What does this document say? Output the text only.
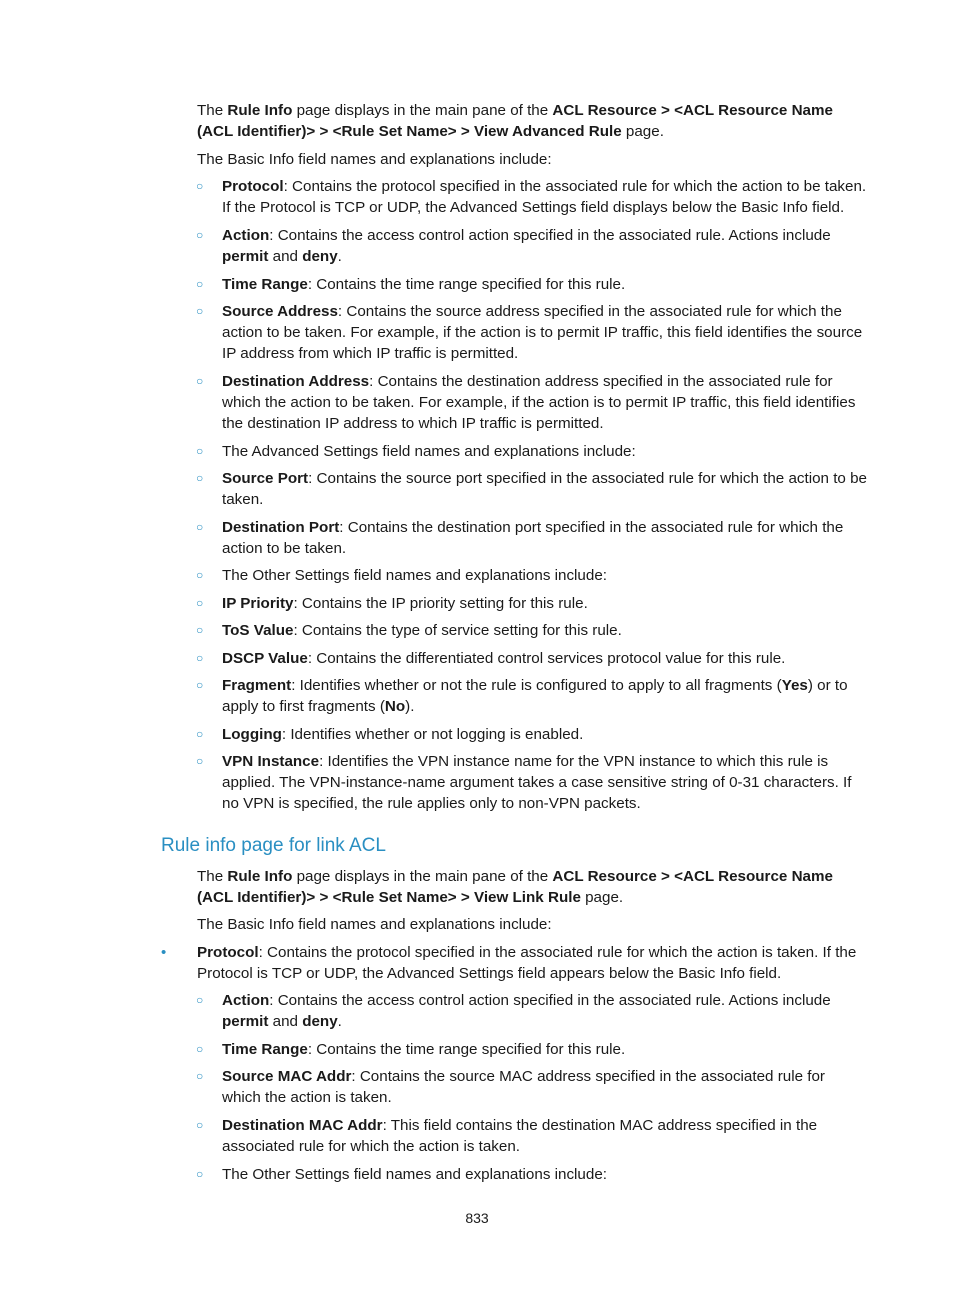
The Rule Info page displays in the main pane of the ACL Resource > <ACL Resource Name (ACL Identifier)> > <Rule Set Name> > View Advanced Rule page.

The Basic Info field names and explanations include:

○ Protocol: Contains the protocol specified in the associated rule for which the action to be taken. If the Protocol is TCP or UDP, the Advanced Settings field displays below the Basic Info field.

○ Action: Contains the access control action specified in the associated rule. Actions include permit and deny.

○ Time Range: Contains the time range specified for this rule.

○ Source Address: Contains the source address specified in the associated rule for which the action to be taken. For example, if the action is to permit IP traffic, this field identifies the source IP address from which IP traffic is permitted.

○ Destination Address: Contains the destination address specified in the associated rule for which the action to be taken. For example, if the action is to permit IP traffic, this field identifies the destination IP address to which IP traffic is permitted.

○ The Advanced Settings field names and explanations include:

○ Source Port: Contains the source port specified in the associated rule for which the action to be taken.

○ Destination Port: Contains the destination port specified in the associated rule for which the action to be taken.

○ The Other Settings field names and explanations include:

○ IP Priority: Contains the IP priority setting for this rule.

○ ToS Value: Contains the type of service setting for this rule.

○ DSCP Value: Contains the differentiated control services protocol value for this rule.

○ Fragment: Identifies whether or not the rule is configured to apply to all fragments (Yes) or to apply to first fragments (No).

○ Logging: Identifies whether or not logging is enabled.

○ VPN Instance: Identifies the VPN instance name for the VPN instance to which this rule is applied. The VPN-instance-name argument takes a case sensitive string of 0-31 characters. If no VPN is specified, the rule applies only to non-VPN packets.

Rule info page for link ACL

The Rule Info page displays in the main pane of the ACL Resource > <ACL Resource Name (ACL Identifier)> > <Rule Set Name> > View Link Rule page.

The Basic Info field names and explanations include:

•	Protocol: Contains the protocol specified in the associated rule for which the action is taken. If the Protocol is TCP or UDP, the Advanced Settings field appears below the Basic Info field.

○ Action: Contains the access control action specified in the associated rule. Actions include permit and deny.

○ Time Range: Contains the time range specified for this rule.

○ Source MAC Addr: Contains the source MAC address specified in the associated rule for which the action is taken.

○ Destination MAC Addr: This field contains the destination MAC address specified in the associated rule for which the action is taken.

○ The Other Settings field names and explanations include:

833
